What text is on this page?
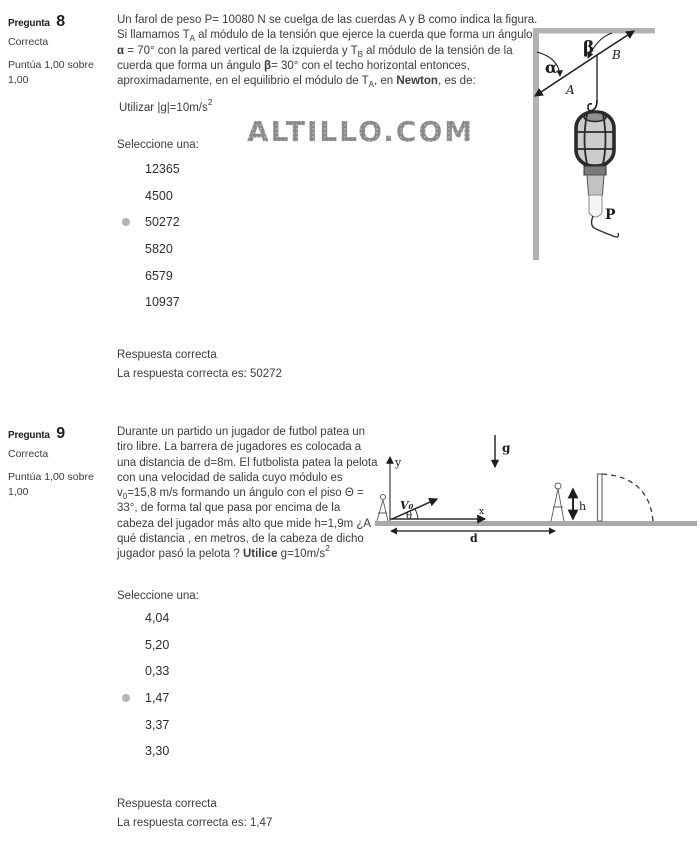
Pregunta 8
Correcta
Puntúa 1,00 sobre 1,00
α
β
A
B
P
Un farol de peso P= 10080 N se cuelga de las cuerdas A y B como indica la figura. Si llamamos $T_A$ al módulo de la tensión que ejerce la cuerda que forma un ángulo α = 70° con la pared vertical de la izquierda y $T_B$ al módulo de la tensión de la cuerda que forma un ángulo β= 30° con el techo horizontal entonces, aproximadamente, en el equilibrio el módulo de $T_A$, en Newton, es de:
Utilizar $|g|=10m/s^2$
ALTILLO.COM
Seleccione una:
12365
4500
50272
5820
6579
10937
Respuesta correcta
La respuesta correcta es: 50272
Pregunta 9
Correcta
Puntúa 1,00 sobre 1,00
y
x
V₀
θ
g
h
d
Durante un partido un jugador de futbol patea un tiro libre. La barrera de jugadores es colocada a una distancia de d=8m. El futbolista patea la pelota con una velocidad de salida cuyo módulo es $v_0=15,8$ m/s formando un ángulo con el piso Θ = 33°, de forma tal que pasa por encima de la cabeza del jugador más alto que mide h=1,9m ¿A qué distancia , en metros, de la cabeza de dicho jugador pasó la pelota ? Utilice $g=10m/s^2$
Seleccione una:
4,04
5,20
0,33
1,47
3,37
3,30
Respuesta correcta
La respuesta correcta es: 1,47
